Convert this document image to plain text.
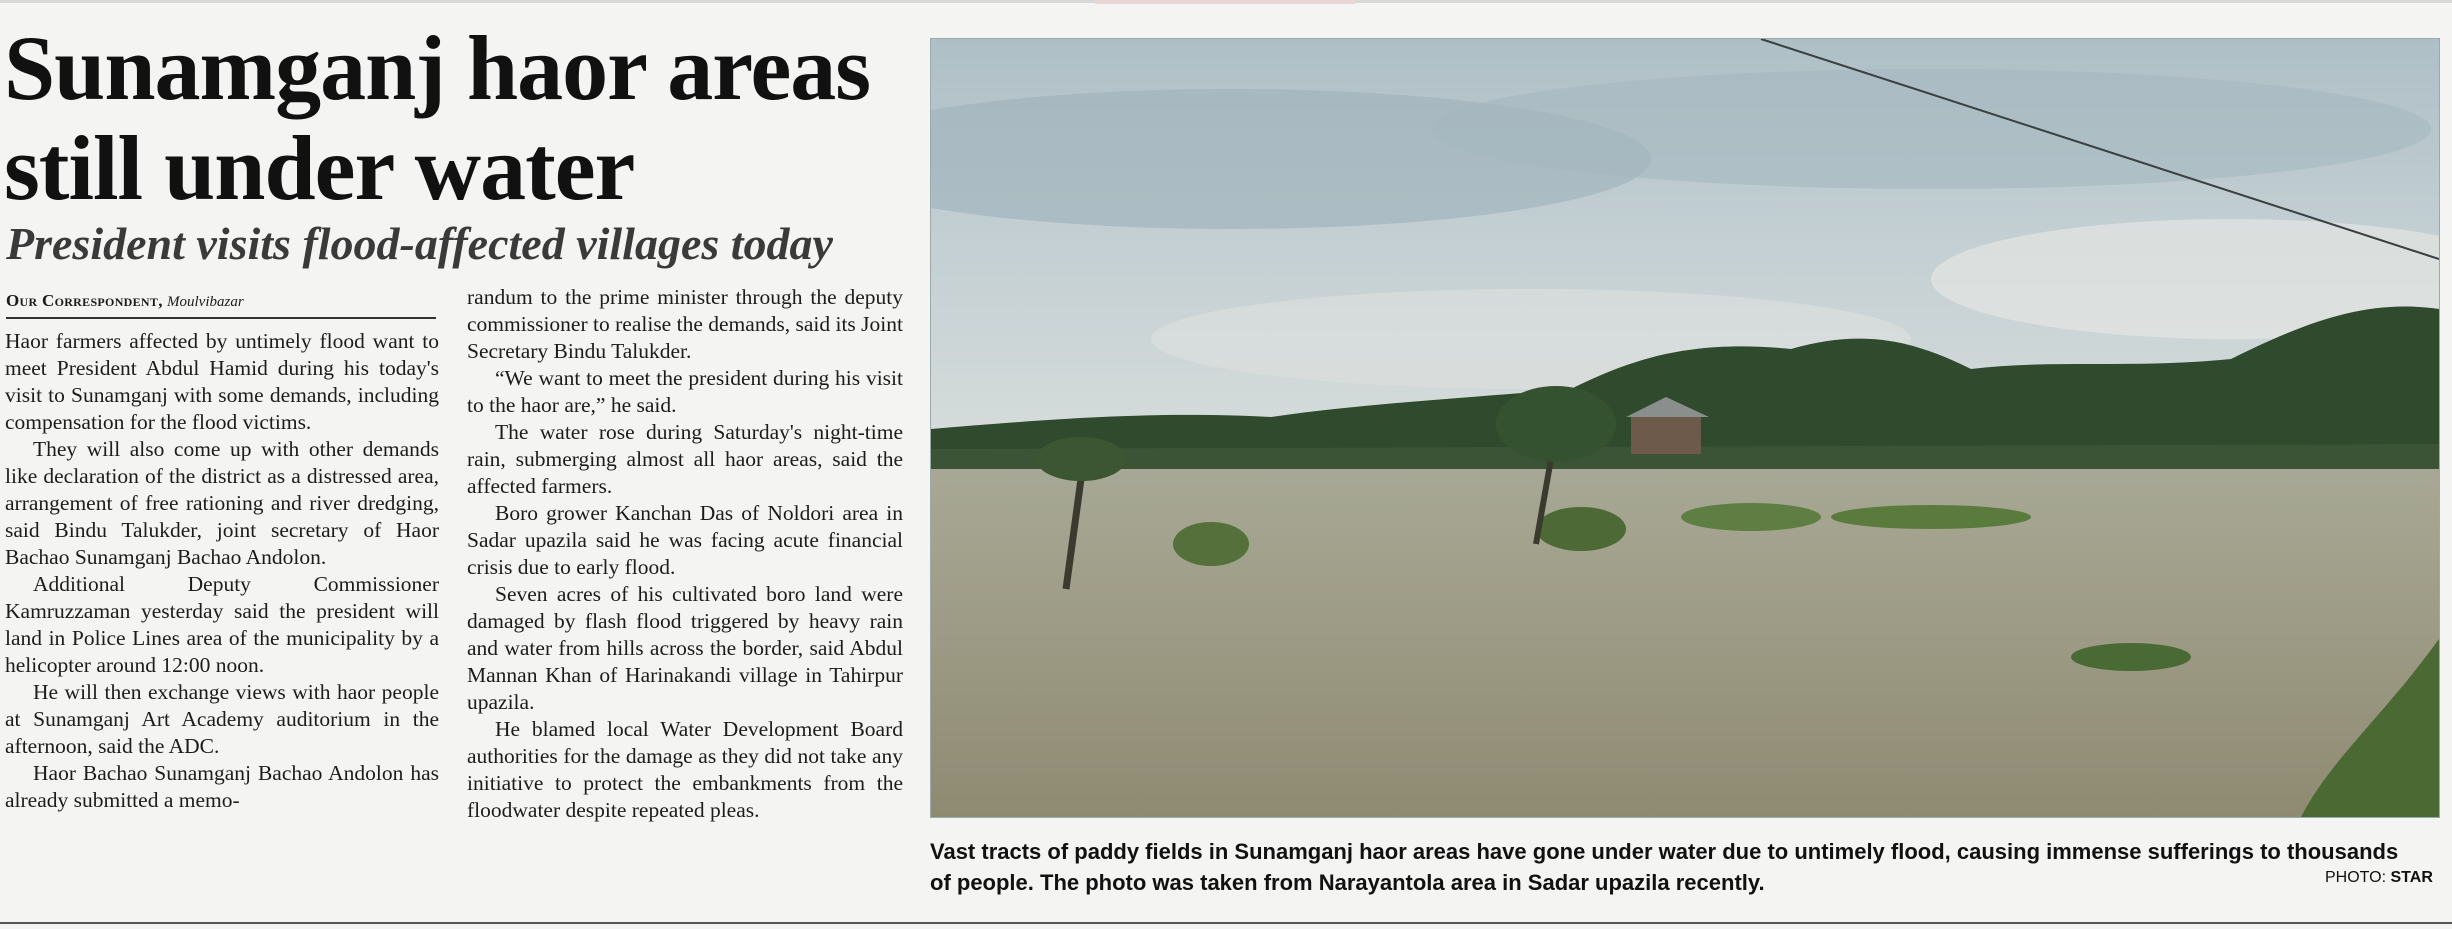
Sunamganj haor areas
still under water
President visits flood-affected villages today
Our Correspondent, Moulvibazar

Haor farmers affected by untimely flood want to meet President Abdul Hamid during his today's visit to Sunamganj with some demands, including compensation for the flood victims.

They will also come up with other demands like declaration of the district as a distressed area, arrangement of free rationing and river dredging, said Bindu Talukder, joint secretary of Haor Bachao Sunamganj Bachao Andolon.

Additional Deputy Commissioner Kamruzzaman yesterday said the president will land in Police Lines area of the municipality by a helicopter around 12:00 noon.

He will then exchange views with haor people at Sunamganj Art Academy auditorium in the afternoon, said the ADC.

Haor Bachao Sunamganj Bachao Andolon has already submitted a memo-

randum to the prime minister through the deputy commissioner to realise the demands, said its Joint Secretary Bindu Talukder.

“We want to meet the president during his visit to the haor are,” he said.

The water rose during Saturday's night-time rain, submerging almost all haor areas, said the affected farmers.

Boro grower Kanchan Das of Noldori area in Sadar upazila said he was facing acute financial crisis due to early flood.

Seven acres of his cultivated boro land were damaged by flash flood triggered by heavy rain and water from hills across the border, said Abdul Mannan Khan of Harinakandi village in Tahirpur upazila.

He blamed local Water Development Board authorities for the damage as they did not take any initiative to protect the embankments from the floodwater despite repeated pleas.

Vast tracts of paddy fields in Sunamganj haor areas have gone under water due to untimely flood, causing immense sufferings to thousands of people. The photo was taken from Narayantola area in Sadar upazila recently.	PHOTO: STAR
